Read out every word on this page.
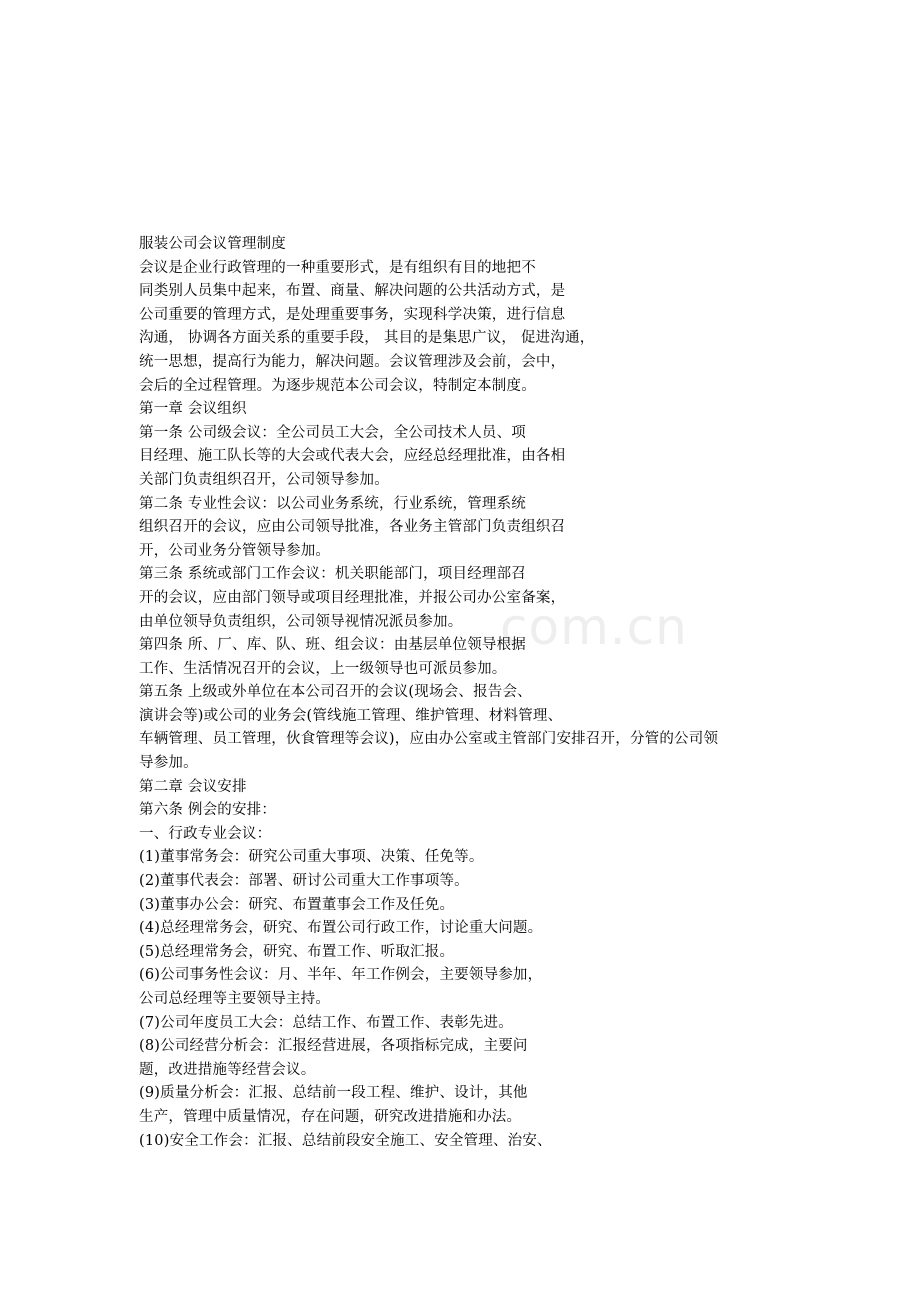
com.cn
服装公司会议管理制度
会议是企业行政管理的一种重要形式，是有组织有目的地把不
同类别人员集中起来，布置、商量、解决问题的公共活动方式，是
公司重要的管理方式，是处理重要事务，实现科学决策，进行信息
沟通， 协调各方面关系的重要手段， 其目的是集思广议， 促进沟通，
统一思想，提高行为能力，解决问题。会议管理涉及会前，会中，
会后的全过程管理。为逐步规范本公司会议，特制定本制度。
第一章 会议组织
第一条 公司级会议：全公司员工大会，全公司技术人员、项
目经理、施工队长等的大会或代表大会，应经总经理批准，由各相
关部门负责组织召开，公司领导参加。
第二条 专业性会议：以公司业务系统，行业系统，管理系统
组织召开的会议，应由公司领导批准，各业务主管部门负责组织召
开，公司业务分管领导参加。
第三条 系统或部门工作会议：机关职能部门，项目经理部召
开的会议，应由部门领导或项目经理批准，并报公司办公室备案，
由单位领导负责组织，公司领导视情况派员参加。
第四条 所、厂、库、队、班、组会议：由基层单位领导根据
工作、生活情况召开的会议，上一级领导也可派员参加。
第五条 上级或外单位在本公司召开的会议(现场会、报告会、
演讲会等)或公司的业务会(管线施工管理、维护管理、材料管理、
车辆管理、员工管理，伙食管理等会议)，应由办公室或主管部门安排召开，分管的公司领
导参加。
第二章 会议安排
第六条 例会的安排：
一、行政专业会议：
(1)董事常务会：研究公司重大事项、决策、任免等。
(2)董事代表会：部署、研讨公司重大工作事项等。
(3)董事办公会：研究、布置董事会工作及任免。
(4)总经理常务会，研究、布置公司行政工作，讨论重大问题。
(5)总经理常务会，研究、布置工作、听取汇报。
(6)公司事务性会议：月、半年、年工作例会，主要领导参加，
公司总经理等主要领导主持。
(7)公司年度员工大会：总结工作、布置工作、表彰先进。
(8)公司经营分析会：汇报经营进展，各项指标完成，主要问
题，改进措施等经营会议。
(9)质量分析会：汇报、总结前一段工程、维护、设计，其他
生产，管理中质量情况，存在问题，研究改进措施和办法。
(10)安全工作会：汇报、总结前段安全施工、安全管理、治安、
